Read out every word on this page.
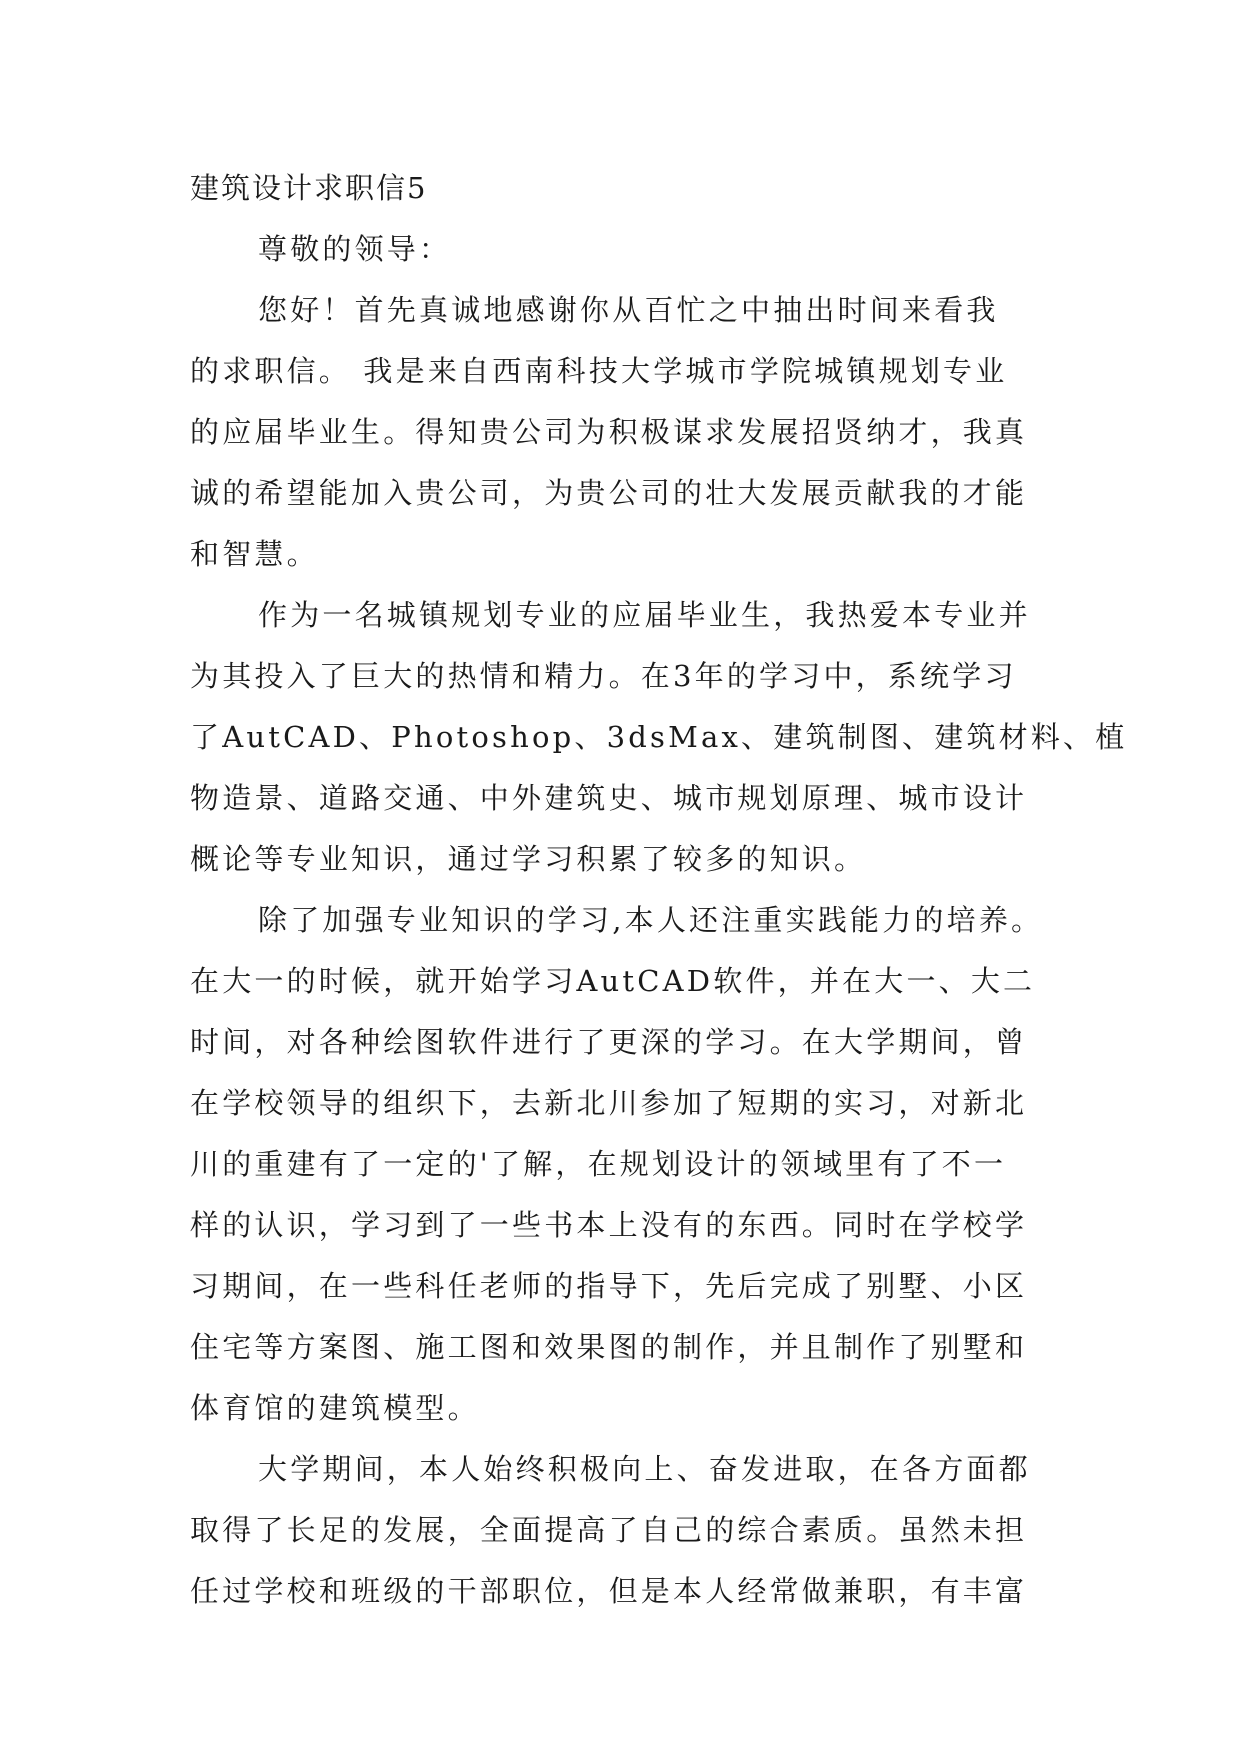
建筑设计求职信5
尊敬的领导：
您好！首先真诚地感谢你从百忙之中抽出时间来看我
的求职信。 我是来自西南科技大学城市学院城镇规划专业
的应届毕业生。得知贵公司为积极谋求发展招贤纳才，我真
诚的希望能加入贵公司，为贵公司的壮大发展贡献我的才能
和智慧。
作为一名城镇规划专业的应届毕业生，我热爱本专业并
为其投入了巨大的热情和精力。在3年的学习中，系统学习
了AutCAD、Photoshop、3dsMax、建筑制图、建筑材料、植
物造景、道路交通、中外建筑史、城市规划原理、城市设计
概论等专业知识，通过学习积累了较多的知识。
除了加强专业知识的学习,本人还注重实践能力的培养。
在大一的时候，就开始学习AutCAD软件，并在大一、大二
时间，对各种绘图软件进行了更深的学习。在大学期间，曾
在学校领导的组织下，去新北川参加了短期的实习，对新北
川的重建有了一定的'了解，在规划设计的领域里有了不一
样的认识，学习到了一些书本上没有的东西。同时在学校学
习期间，在一些科任老师的指导下，先后完成了别墅、小区
住宅等方案图、施工图和效果图的制作，并且制作了别墅和
体育馆的建筑模型。
大学期间，本人始终积极向上、奋发进取，在各方面都
取得了长足的发展，全面提高了自己的综合素质。虽然未担
任过学校和班级的干部职位，但是本人经常做兼职，有丰富
